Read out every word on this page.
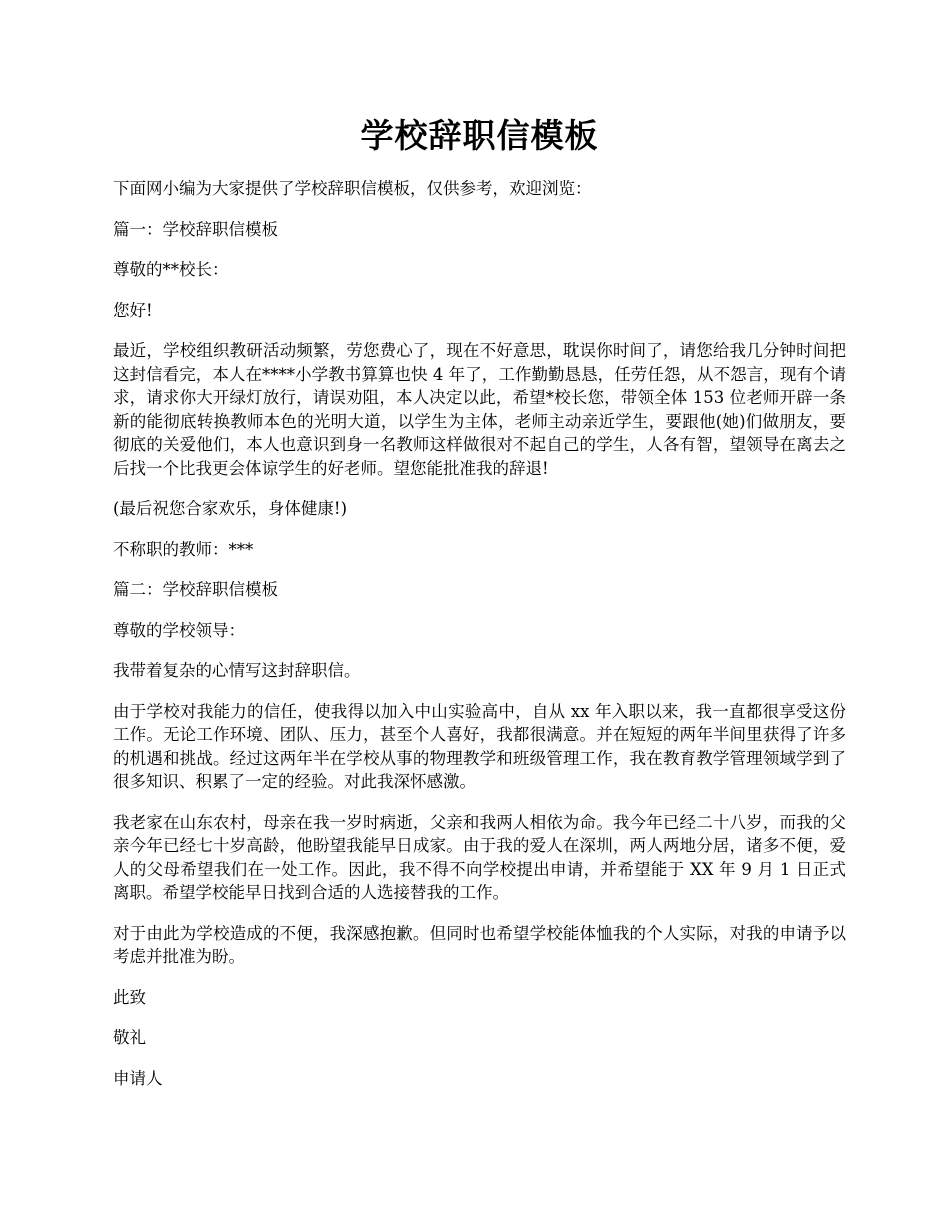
学校辞职信模板

下面网小编为大家提供了学校辞职信模板，仅供参考，欢迎浏览：

篇一：学校辞职信模板

尊敬的**校长：

您好!

最近，学校组织教研活动频繁，劳您费心了，现在不好意思，耽误你时间了，请您给我几分钟时间把这封信看完，本人在****小学教书算算也快 4 年了，工作勤勤恳恳，任劳任怨，从不怨言，现有个请求，请求你大开绿灯放行，请误劝阻，本人决定以此，希望*校长您，带领全体 153 位老师开辟一条新的能彻底转换教师本色的光明大道，以学生为主体，老师主动亲近学生，要跟他(她)们做朋友，要彻底的关爱他们，本人也意识到身一名教师这样做很对不起自己的学生，人各有智，望领导在离去之后找一个比我更会体谅学生的好老师。望您能批准我的辞退!

(最后祝您合家欢乐，身体健康!)

不称职的教师：***

篇二：学校辞职信模板

尊敬的学校领导：

我带着复杂的心情写这封辞职信。

由于学校对我能力的信任，使我得以加入中山实验高中，自从 xx 年入职以来，我一直都很享受这份工作。无论工作环境、团队、压力，甚至个人喜好，我都很满意。并在短短的两年半间里获得了许多的机遇和挑战。经过这两年半在学校从事的物理教学和班级管理工作，我在教育教学管理领域学到了很多知识、积累了一定的经验。对此我深怀感激。

我老家在山东农村，母亲在我一岁时病逝，父亲和我两人相依为命。我今年已经二十八岁，而我的父亲今年已经七十岁高龄，他盼望我能早日成家。由于我的爱人在深圳，两人两地分居，诸多不便，爱人的父母希望我们在一处工作。因此，我不得不向学校提出申请，并希望能于 XX 年 9 月 1 日正式离职。希望学校能早日找到合适的人选接替我的工作。

对于由此为学校造成的不便，我深感抱歉。但同时也希望学校能体恤我的个人实际，对我的申请予以考虑并批准为盼。

此致

敬礼

申请人
